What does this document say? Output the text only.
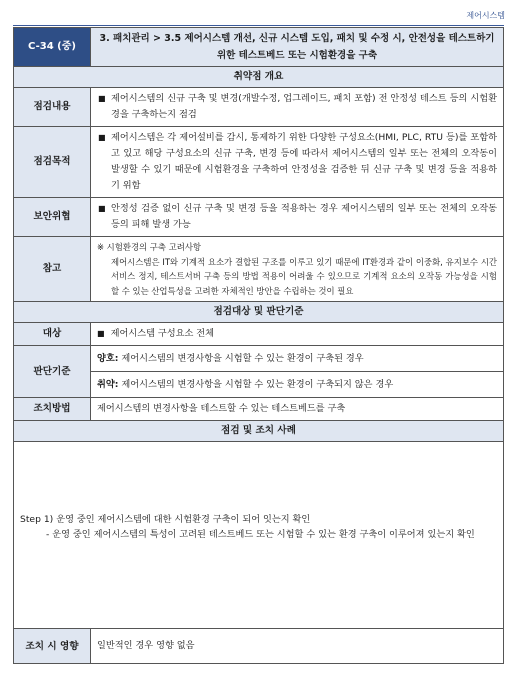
제어시스템
C-34 (중)	3. 패치관리 > 3.5 제어시스템 개선, 신규 시스템 도입, 패치 및 수정 시, 안전성을 테스트하기 위한 테스트베드 또는 시험환경을 구축
취약점 개요	
점검내용	■ 제어시스템의 신규 구축 및 변경(개발수정, 업그레이드, 패치 포함) 전 안정성 테스트 등의 시험환경을 구축하는지 점검
점검목적	■ 제어시스템은 각 제어설비를 감시, 통제하기 위한 다양한 구성요소(HMI, PLC, RTU 등)를 포함하고 있고 해당 구성요소의 신규 구축, 변경 등에 따라서 제어시스템의 일부 또는 전체의 오작동이 발생할 수 있기 때문에 시험환경을 구축하여 안정성을 검증한 뒤 신규 구축 및 변경 등을 적용하기 위함
보안위협	■ 안정성 검증 없이 신규 구축 및 변경 등을 적용하는 경우 제어시스템의 일부 또는 전체의 오작동 등의 피해 발생 가능
참고	※ 시험환경의 구축 고려사항
제어시스템은 IT와 기계적 요소가 결합된 구조를 이루고 있기 때문에 IT환경과 같이 이중화, 유지보수 시간 서비스 정지, 테스트서버 구축 등의 방법 적용이 어려울 수 있으므로 기계적 요소의 오작동 가능성을 시험할 수 있는 산업특성을 고려한 자체적인 방안을 수립하는 것이 필요

점검대상 및 판단기준	
대상	■ 제어시스템 구성요소 전체
판단기준	양호: 제어시스템의 변경사항을 시험할 수 있는 환경이 구축된 경우
취약: 제어시스템의 변경사항을 시험할 수 있는 환경이 구축되지 않은 경우

조치방법	제어시스템의 변경사항을 테스트할 수 있는 테스트베드를 구축
점검 및 조치 사례	

Step 1) 운영 중인 제어시스템에 대한 시험환경 구축이 되어 잇는지 확인
- 운영 중인 제어시스템의 특성이 고려된 테스트베드 또는 시험할 수 있는 환경 구축이 이루어져 있는지 확인	

조치 시 영향	일반적인 경우 영향 없음
